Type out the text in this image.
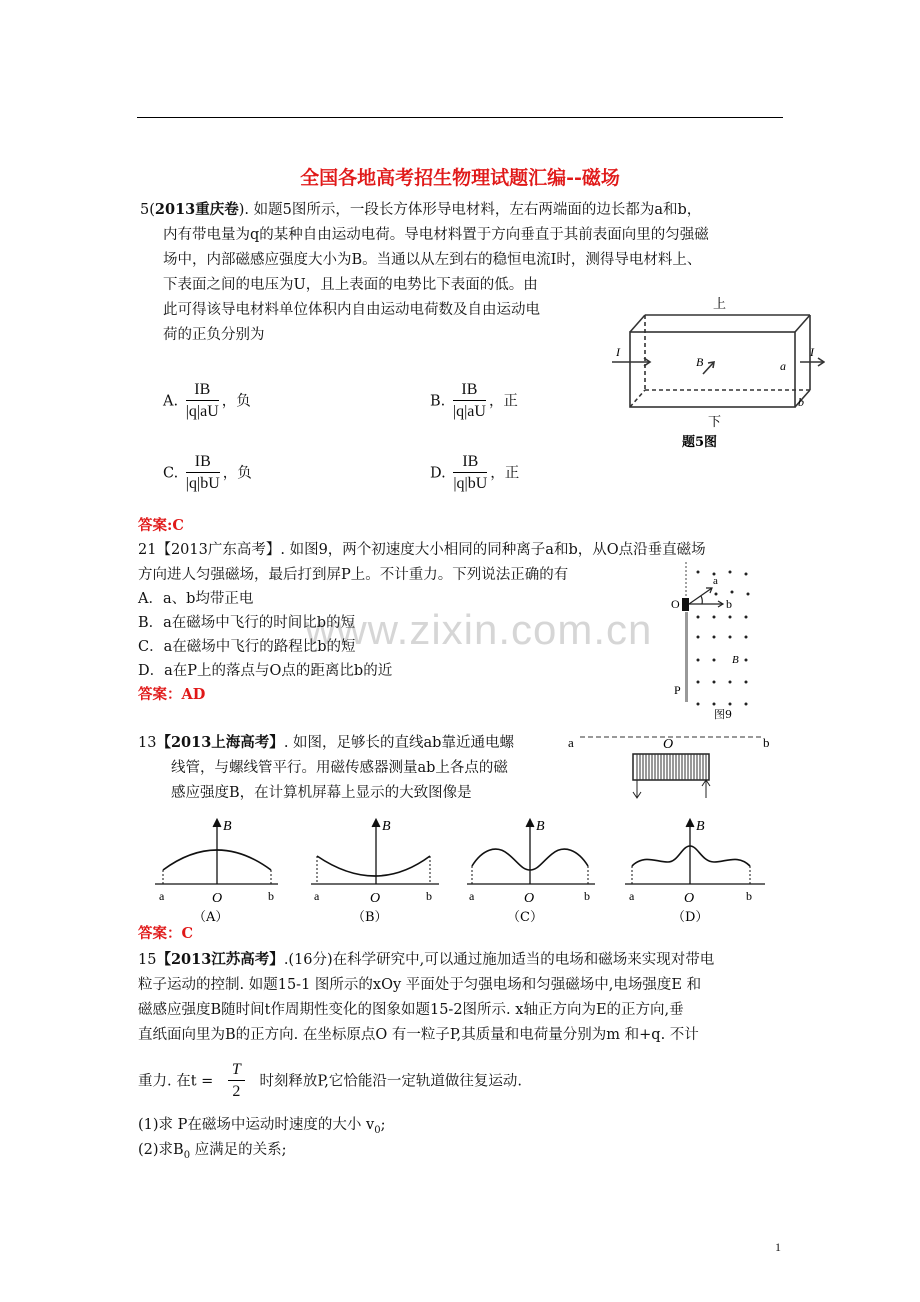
全国各地高考招生物理试题汇编--磁场
5(2013重庆卷). 如题5图所示，一段长方体形导电材料，左右两端面的边长都为a和b，
内有带电量为q的某种自由运动电荷。导电材料置于方向垂直于其前表面向里的匀强磁
场中，内部磁感应强度大小为B。当通以从左到右的稳恒电流I时，测得导电材料上、
下表面之间的电压为U，且上表面的电势比下表面的低。由
此可得该导电材料单位体积内自由运动电荷数及自由运动电
荷的正负分别为
A. $\frac{IB}{|q|aU}$ ，负	B. $\frac{IB}{|q|aU}$ ，正
C. $\frac{IB}{|q|bU}$ ，负	D. $\frac{IB}{|q|bU}$ ，正
上
下
I	I
B	a
b
题5图
答案:C
www.zixin.com.cn
21【2013广东高考】. 如图9，两个初速度大小相同的同种离子a和b，从O点沿垂直磁场
方向进人匀强磁场，最后打到屏P上。不计重力。下列说法正确的有
A．a、b均带正电
B．a在磁场中飞行的时间比b的短
C．a在磁场中飞行的路程比b的短
D．a在P上的落点与O点的距离比b的近
答案：AD
O
a
b
B
P
图9
13【2013上海高考】. 如图，足够长的直线ab靠近通电螺
线管，与螺线管平行。用磁传感器测量ab上各点的磁
感应强度B，在计算机屏幕上显示的大致图像是
a	O	b
B
a	O	b
（A）
B
a	O	b
（B）
B
a	O	b
（C）
B
a	O	b
（D）
答案：C
15【2013江苏高考】.(16分)在科学研究中,可以通过施加适当的电场和磁场来实现对带电
粒子运动的控制. 如题15-1 图所示的xOy 平面处于匀强电场和匀强磁场中,电场强度E 和
磁感应强度B随时间t作周期性变化的图象如题15-2图所示. x轴正方向为E的正方向,垂
直纸面向里为B的正方向. 在坐标原点O 有一粒子P,其质量和电荷量分别为m 和+q. 不计
重力. 在$t = \frac{T}{2}$ 时刻释放P,它恰能沿一定轨道做往复运动.
(1)求 P在磁场中运动时速度的大小 $v_0$;
(2)求$B_0$ 应满足的关系;
1
